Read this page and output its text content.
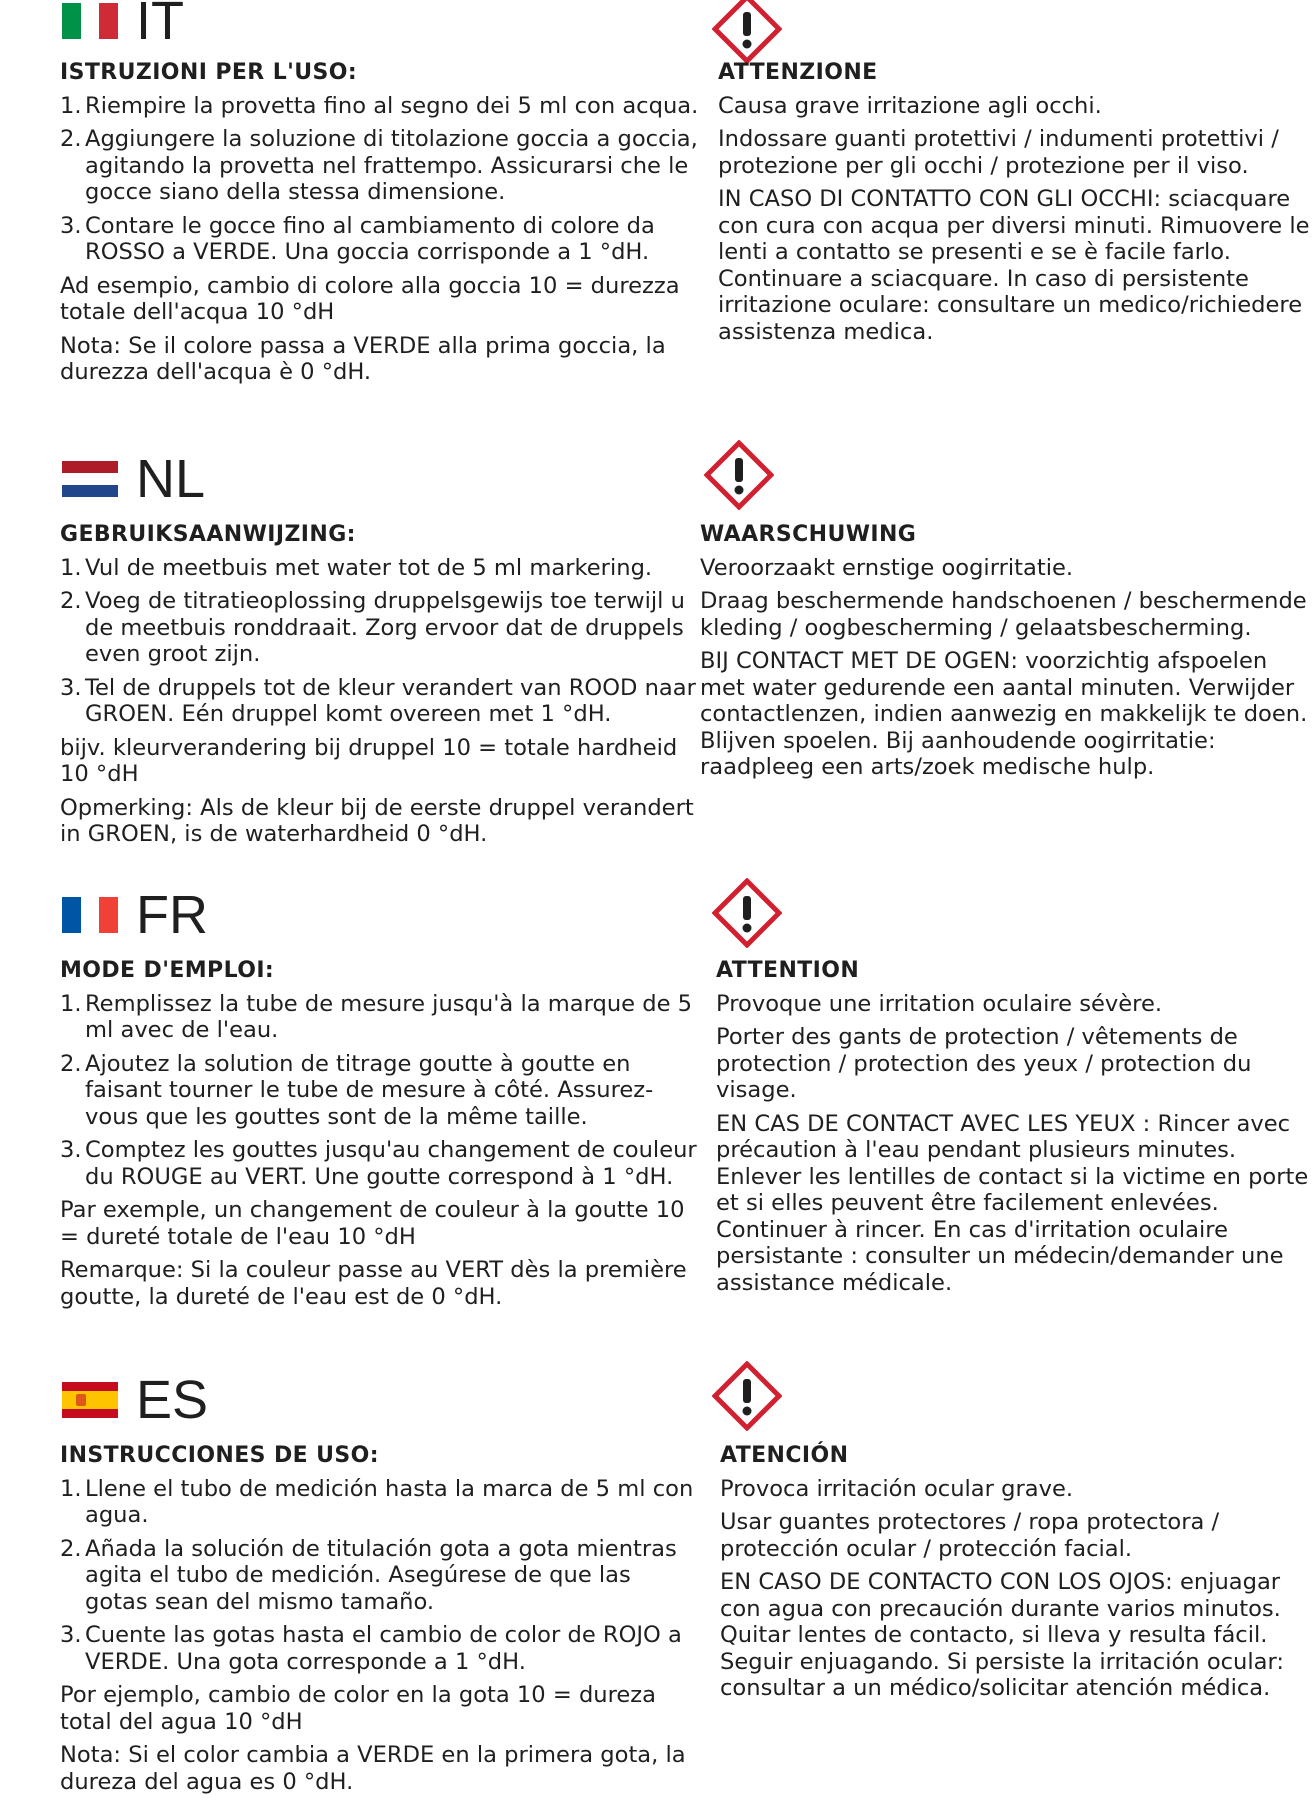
IT
ISTRUZIONI PER L'USO:
1. Riempire la provetta fino al segno dei 5 ml con acqua.
2. Aggiungere la soluzione di titolazione goccia a goccia, agitando la provetta nel frattempo. Assicurarsi che le gocce siano della stessa dimensione.
3. Contare le gocce fino al cambiamento di colore da ROSSO a VERDE. Una goccia corrisponde a 1 °dH.
Ad esempio, cambio di colore alla goccia 10 = durezza totale dell'acqua 10 °dH
Nota: Se il colore passa a VERDE alla prima goccia, la durezza dell'acqua è 0 °dH.
ATTENZIONE
Causa grave irritazione agli occhi.
Indossare guanti protettivi / indumenti protettivi / protezione per gli occhi / protezione per il viso.
IN CASO DI CONTATTO CON GLI OCCHI: sciacquare con cura con acqua per diversi minuti. Rimuovere le lenti a contatto se presenti e se è facile farlo. Continuare a sciacquare. In caso di persistente irritazione oculare: consultare un medico/richiedere assistenza medica.
NL
GEBRUIKSAANWIJZING:
1. Vul de meetbuis met water tot de 5 ml markering.
2. Voeg de titratieoplossing druppelsgewijs toe terwijl u de meetbuis ronddraait. Zorg ervoor dat de druppels even groot zijn.
3. Tel de druppels tot de kleur verandert van ROOD naar GROEN. Eén druppel komt overeen met 1 °dH.
bijv. kleurverandering bij druppel 10 = totale hardheid 10 °dH
Opmerking: Als de kleur bij de eerste druppel verandert in GROEN, is de waterhardheid 0 °dH.
WAARSCHUWING
Veroorzaakt ernstige oogirritatie.
Draag beschermende handschoenen / beschermende kleding / oogbescherming / gelaatsbescherming.
BIJ CONTACT MET DE OGEN: voorzichtig afspoelen met water gedurende een aantal minuten. Verwijder contactlenzen, indien aanwezig en makkelijk te doen. Blijven spoelen. Bij aanhoudende oogirritatie: raadpleeg een arts/zoek medische hulp.
FR
MODE D'EMPLOI:
1. Remplissez la tube de mesure jusqu'à la marque de 5 ml avec de l'eau.
2. Ajoutez la solution de titrage goutte à goutte en faisant tourner le tube de mesure à côté. Assurez-vous que les gouttes sont de la même taille.
3. Comptez les gouttes jusqu'au changement de couleur du ROUGE au VERT. Une goutte correspond à 1 °dH.
Par exemple, un changement de couleur à la goutte 10 = dureté totale de l'eau 10 °dH
Remarque: Si la couleur passe au VERT dès la première goutte, la dureté de l'eau est de 0 °dH.
ATTENTION
Provoque une irritation oculaire sévère.
Porter des gants de protection / vêtements de protection / protection des yeux / protection du visage.
EN CAS DE CONTACT AVEC LES YEUX : Rincer avec précaution à l'eau pendant plusieurs minutes. Enlever les lentilles de contact si la victime en porte et si elles peuvent être facilement enlevées. Continuer à rincer. En cas d'irritation oculaire persistante : consulter un médecin/demander une assistance médicale.
ES
INSTRUCCIONES DE USO:
1. Llene el tubo de medición hasta la marca de 5 ml con agua.
2. Añada la solución de titulación gota a gota mientras agita el tubo de medición. Asegúrese de que las gotas sean del mismo tamaño.
3. Cuente las gotas hasta el cambio de color de ROJO a VERDE. Una gota corresponde a 1 °dH.
Por ejemplo, cambio de color en la gota 10 = dureza total del agua 10 °dH
Nota: Si el color cambia a VERDE en la primera gota, la dureza del agua es 0 °dH.
ATENCIÓN
Provoca irritación ocular grave.
Usar guantes protectores / ropa protectora / protección ocular / protección facial.
EN CASO DE CONTACTO CON LOS OJOS: enjuagar con agua con precaución durante varios minutos. Quitar lentes de contacto, si lleva y resulta fácil. Seguir enjuagando. Si persiste la irritación ocular: consultar a un médico/solicitar atención médica.
